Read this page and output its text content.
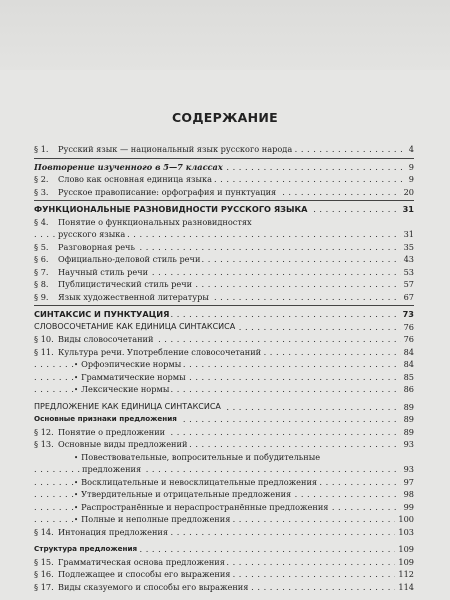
СОДЕРЖАНИЕ
. . . § 1. Русский язык — национальный язык русского народа	4
. . . Повторение изученного в 5—7 классах	9
. . . § 2. Слово как основная единица языка	9
. . . § 3. Русское правописание: орфография и пунктуация	20
. . . ФУНКЦИОНАЛЬНЫЕ РАЗНОВИДНОСТИ РУССКОГО ЯЗЫКА	31
§ 4. Понятие о функциональных разновидностях
. . . русского языка	31
. . . § 5. Разговорная речь	35
. . . § 6. Официально-деловой стиль речи	43
. . . § 7. Научный стиль речи	53
. . . § 8. Публицистический стиль речи	57
. . . § 9. Язык художественной литературы	67
. . . СИНТАКСИС И ПУНКТУАЦИЯ	73
. . . СЛОВОСОЧЕТАНИЕ КАК ЕДИНИЦА СИНТАКСИСА	76
. . . § 10. Виды словосочетаний	76
. . . § 11. Культура речи. Употребление словосочетаний	84
• . . . Орфоэпические нормы	84
• . . . Грамматические нормы	85
• . . . Лексические нормы	86
. . . ПРЕДЛОЖЕНИЕ КАК ЕДИНИЦА СИНТАКСИСА	89
. . . Основные признаки предложения	89
. . . § 12. Понятие о предложении	89
. . . § 13. Основные виды предложений	93
• Повествовательные, вопросительные и побудительные
. . . предложения	93
• . . . Восклицательные и невосклицательные предложения	97
• . . . Утвердительные и отрицательные предложения	98
• . . . Распространённые и нераспространённые предложения	99
• . . . Полные и неполные предложения	100
. . . § 14. Интонация предложения	103
. . . Структура предложения	109
. . . § 15. Грамматическая основа предложения	109
. . . § 16. Подлежащее и способы его выражения	112
. . . § 17. Виды сказуемого и способы его выражения	114
